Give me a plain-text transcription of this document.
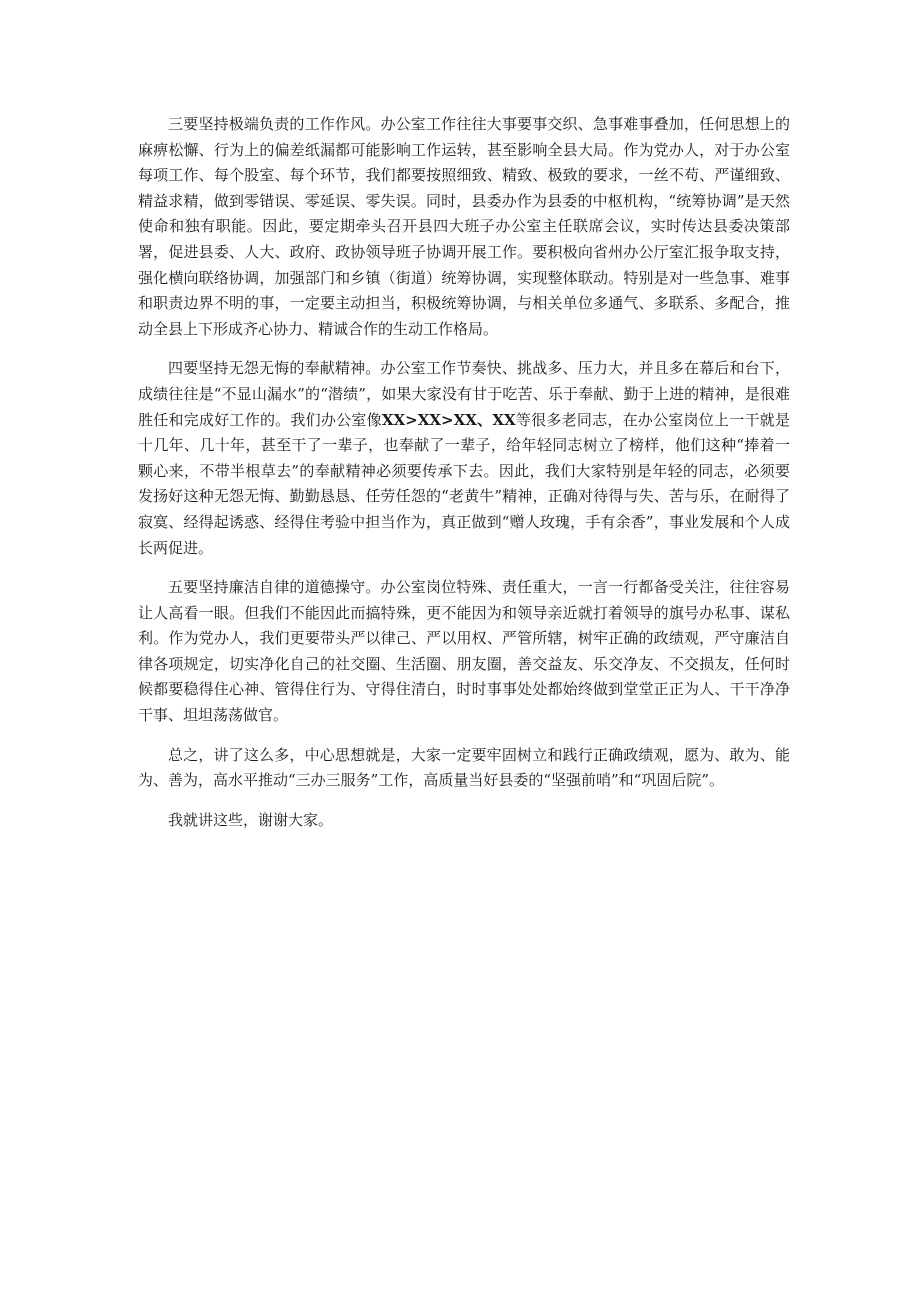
三要坚持极端负责的工作作风。办公室工作往往大事要事交织、急事难事叠加，任何思想上的麻痹松懈、行为上的偏差纸漏都可能影响工作运转，甚至影响全县大局。作为党办人，对于办公室每项工作、每个股室、每个环节，我们都要按照细致、精致、极致的要求，一丝不苟、严谨细致、精益求精，做到零错误、零延误、零失误。同时，县委办作为县委的中枢机构，“统筹协调”是天然使命和独有职能。因此，要定期牵头召开县四大班子办公室主任联席会议，实时传达县委决策部署，促进县委、人大、政府、政协领导班子协调开展工作。要积极向省州办公厅室汇报争取支持，强化横向联络协调，加强部门和乡镇（街道）统筹协调，实现整体联动。特别是对一些急事、难事和职责边界不明的事，一定要主动担当，积极统筹协调，与相关单位多通气、多联系、多配合，推动全县上下形成齐心协力、精诚合作的生动工作格局。

四要坚持无怨无悔的奉献精神。办公室工作节奏快、挑战多、压力大，并且多在幕后和台下，成绩往往是“不显山漏水”的“潜绩”，如果大家没有甘于吃苦、乐于奉献、勤于上进的精神，是很难胜任和完成好工作的。我们办公室像XX>XX>XX、XX等很多老同志，在办公室岗位上一干就是十几年、几十年，甚至干了一辈子，也奉献了一辈子，给年轻同志树立了榜样，他们这种“捧着一颗心来，不带半根草去”的奉献精神必须要传承下去。因此，我们大家特别是年轻的同志，必须要发扬好这种无怨无悔、勤勤恳恳、任劳任怨的“老黄牛”精神，正确对待得与失、苦与乐，在耐得了寂寞、经得起诱惑、经得住考验中担当作为，真正做到“赠人玫瑰，手有余香”，事业发展和个人成长两促进。

五要坚持廉洁自律的道德操守。办公室岗位特殊、责任重大，一言一行都备受关注，往往容易让人高看一眼。但我们不能因此而搞特殊，更不能因为和领导亲近就打着领导的旗号办私事、谋私利。作为党办人，我们更要带头严以律己、严以用权、严管所辖，树牢正确的政绩观，严守廉洁自律各项规定，切实净化自己的社交圈、生活圈、朋友圈，善交益友、乐交净友、不交损友，任何时候都要稳得住心神、管得住行为、守得住清白，时时事事处处都始终做到堂堂正正为人、干干净净干事、坦坦荡荡做官。

总之，讲了这么多，中心思想就是，大家一定要牢固树立和践行正确政绩观，愿为、敢为、能为、善为，高水平推动“三办三服务”工作，高质量当好县委的“坚强前哨”和“巩固后院”。

我就讲这些，谢谢大家。
